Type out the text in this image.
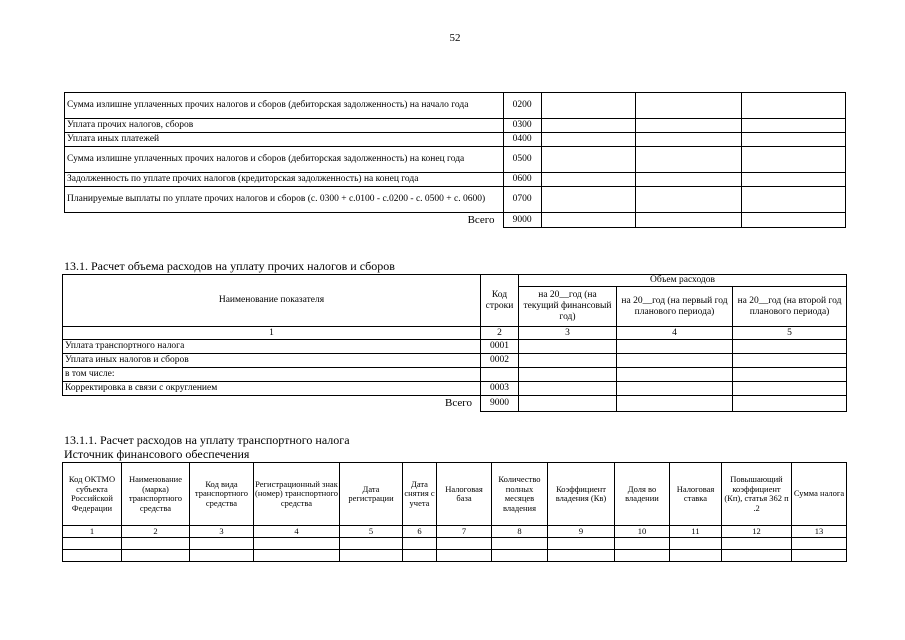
52
Сумма излишне уплаченных прочих налогов и сборов (дебиторская задолженность) на начало года	0200			
Уплата прочих налогов, сборов	0300			
Уплата иных платежей	0400			
Сумма излишне уплаченных прочих налогов и сборов (дебиторская задолженность) на конец года	0500			
Задолженность по уплате прочих налогов (кредиторская задолженность) на конец года	0600			
Планируемые выплаты по уплате прочих налогов и сборов (с. 0300 + с.0100 - с.0200 - с. 0500 + с. 0600)	0700			
Всего	9000			
13.1. Расчет объема расходов на уплату прочих налогов и сборов
Наименование показателя	Код строки	Объем расходов		
		на 20__год (на текущий финансовый год)	на 20__год (на первый год планового периода)	на 20__год (на второй год планового периода)
1	2	3	4	5
Уплата транспортного налога	0001			
Уплата иных налогов и сборов	0002			
в том числе:				
Корректировка в связи с округлением	0003			
Всего	9000			
13.1.1. Расчет расходов на уплату транспортного налога
Источник финансового обеспечения
Код ОКТМО субъекта Российской Федерации	Наименование (марка) транспортного средства	Код вида транспортного средства	Регистрационный знак (номер) транспортного средства	Дата регистрации	Дата снятия с учета	Налоговая база	Количество полных месяцев владения	Коэффициент владения (Кв)	Доля во владении	Налоговая ставка	Повышающий коэффициент (Кп), статья 362 п .2	Сумма налога
1	2	3	4	5	6	7	8	9	10	11	12	13
